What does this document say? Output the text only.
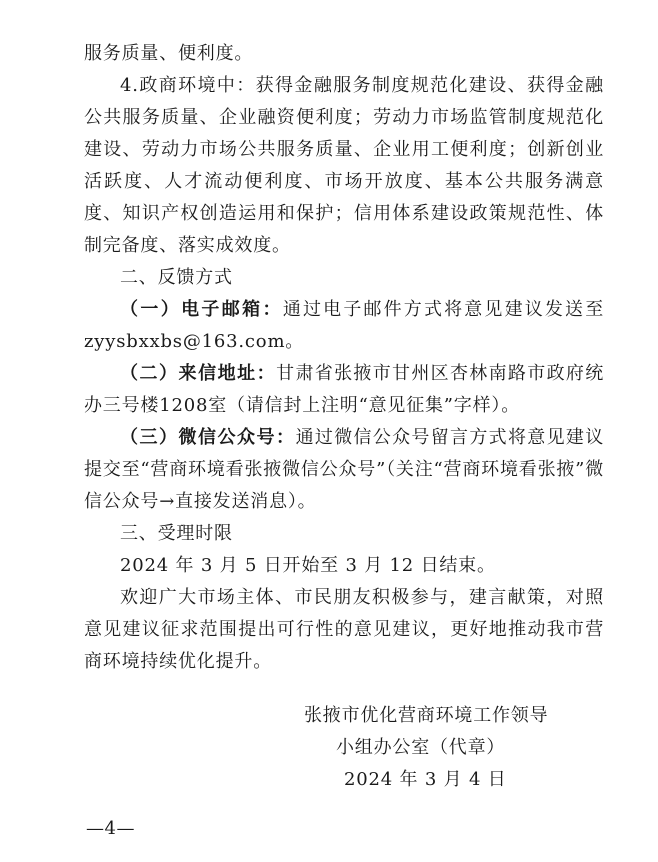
服务质量、便利度。

4.政商环境中：获得金融服务制度规范化建设、获得金融公共服务质量、企业融资便利度；劳动力市场监管制度规范化建设、劳动力市场公共服务质量、企业用工便利度；创新创业活跃度、人才流动便利度、市场开放度、基本公共服务满意度、知识产权创造运用和保护；信用体系建设政策规范性、体制完备度、落实成效度。

二、反馈方式

（一）电子邮箱：通过电子邮件方式将意见建议发送至zyysbxxbs@163.com。

（二）来信地址：甘肃省张掖市甘州区杏林南路市政府统办三号楼1208室（请信封上注明“意见征集”字样）。

（三）微信公众号：通过微信公众号留言方式将意见建议提交至“营商环境看张掖微信公众号”（关注“营商环境看张掖”微信公众号→直接发送消息）。

三、受理时限

2024 年 3 月 5 日开始至 3 月 12 日结束。

欢迎广大市场主体、市民朋友积极参与，建言献策，对照意见建议征求范围提出可行性的意见建议，更好地推动我市营商环境持续优化提升。

张掖市优化营商环境工作领导
小组办公室（代章）
2024 年 3 月 4 日
—4—
